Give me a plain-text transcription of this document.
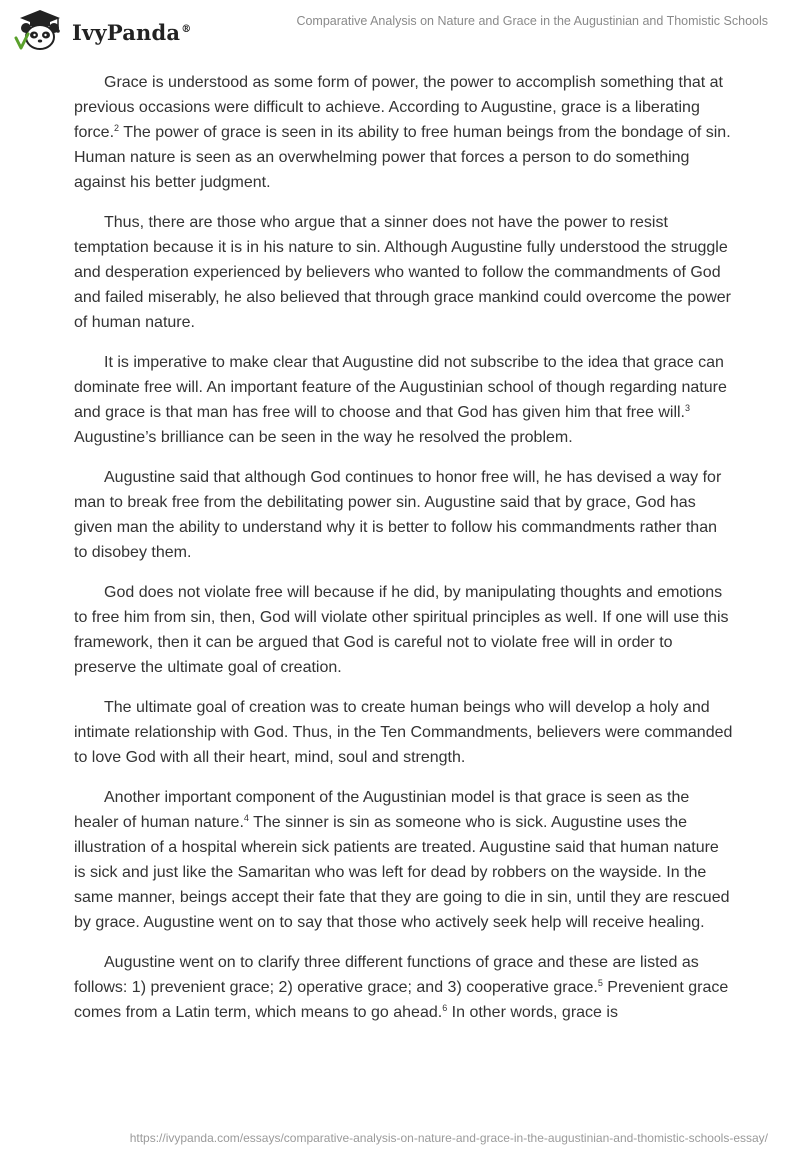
IvyPanda®
Comparative Analysis on Nature and Grace in the Augustinian and Thomistic Schools

Grace is understood as some form of power, the power to accomplish something that at previous occasions were difficult to achieve. According to Augustine, grace is a liberating force.$^2$ The power of grace is seen in its ability to free human beings from the bondage of sin. Human nature is seen as an overwhelming power that forces a person to do something against his better judgment.

Thus, there are those who argue that a sinner does not have the power to resist temptation because it is in his nature to sin. Although Augustine fully understood the struggle and desperation experienced by believers who wanted to follow the commandments of God and failed miserably, he also believed that through grace mankind could overcome the power of human nature.

It is imperative to make clear that Augustine did not subscribe to the idea that grace can dominate free will. An important feature of the Augustinian school of though regarding nature and grace is that man has free will to choose and that God has given him that free will.$^3$ Augustine’s brilliance can be seen in the way he resolved the problem.

Augustine said that although God continues to honor free will, he has devised a way for man to break free from the debilitating power sin. Augustine said that by grace, God has given man the ability to understand why it is better to follow his commandments rather than to disobey them.

God does not violate free will because if he did, by manipulating thoughts and emotions to free him from sin, then, God will violate other spiritual principles as well. If one will use this framework, then it can be argued that God is careful not to violate free will in order to preserve the ultimate goal of creation.

The ultimate goal of creation was to create human beings who will develop a holy and intimate relationship with God. Thus, in the Ten Commandments, believers were commanded to love God with all their heart, mind, soul and strength.

Another important component of the Augustinian model is that grace is seen as the healer of human nature.$^4$ The sinner is sin as someone who is sick. Augustine uses the illustration of a hospital wherein sick patients are treated. Augustine said that human nature is sick and just like the Samaritan who was left for dead by robbers on the wayside. In the same manner, beings accept their fate that they are going to die in sin, until they are rescued by grace. Augustine went on to say that those who actively seek help will receive healing.

Augustine went on to clarify three different functions of grace and these are listed as follows: 1) prevenient grace; 2) operative grace; and 3) cooperative grace.$^5$ Prevenient grace comes from a Latin term, which means to go ahead.$^6$ In other words, grace is

https://ivypanda.com/essays/comparative-analysis-on-nature-and-grace-in-the-augustinian-and-thomistic-schools-essay/
